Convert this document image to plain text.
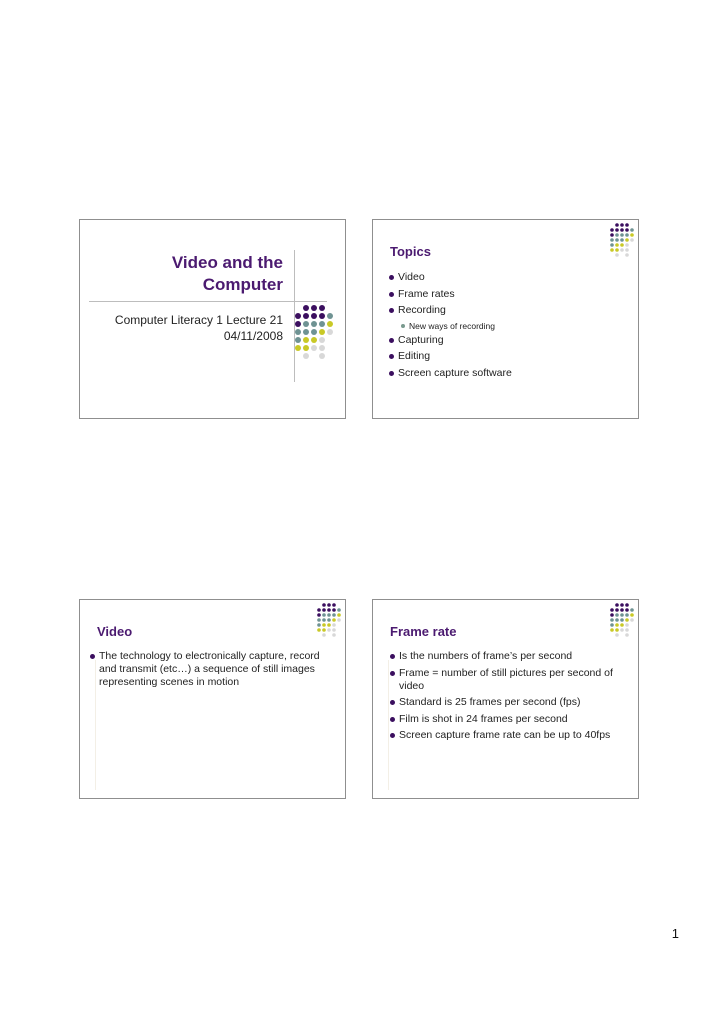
Video and the Computer
Computer Literacy 1 Lecture 21
04/11/2008
Topics
Video
Frame rates
Recording
New ways of recording
Capturing
Editing
Screen capture software
Video
The technology to electronically capture, record and transmit (etc…) a sequence of still images representing scenes in motion
Frame rate
Is the numbers of frame’s per second
Frame = number of still pictures per second of video
Standard is 25 frames per second (fps)
Film is shot in 24 frames per second
Screen capture frame rate can be up to 40fps
1
